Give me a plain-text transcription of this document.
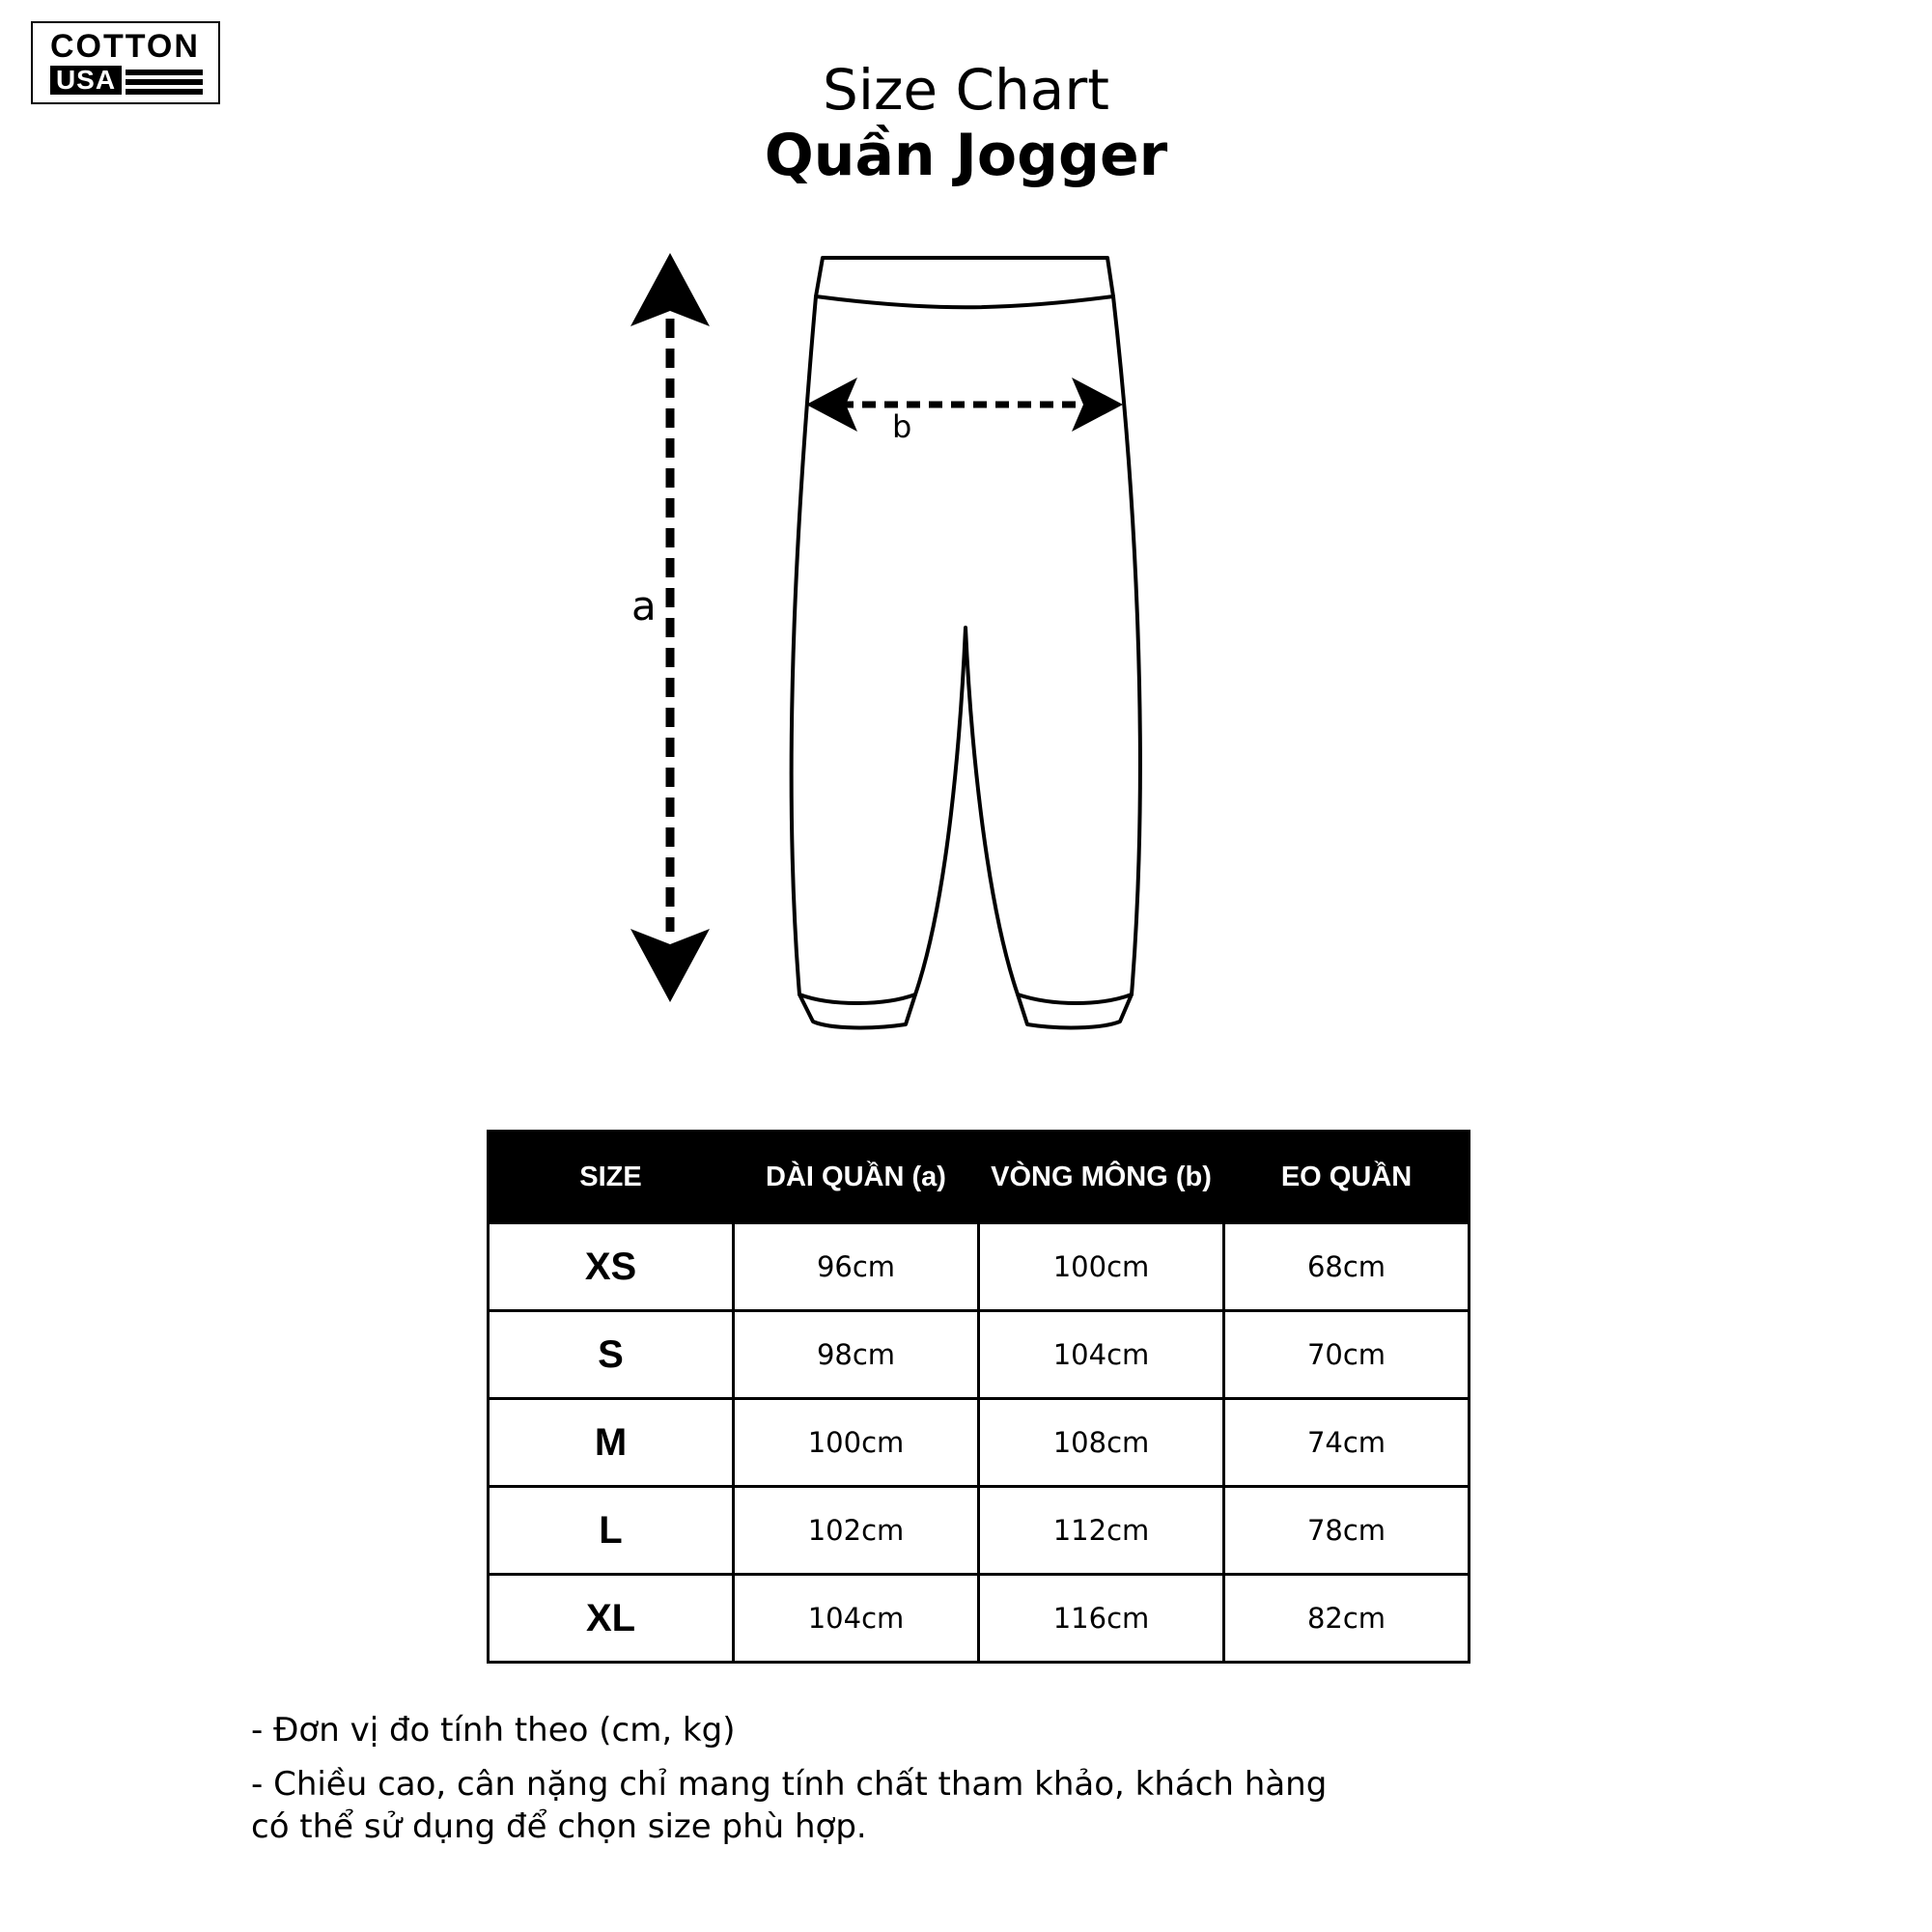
COTTON
USA	Size Chart
Quần Jogger
a
b
SIZE	DÀI QUẦN (a)	VÒNG MÔNG (b)	EO QUẦN
XS	96cm	100cm	68cm
S	98cm	104cm	70cm
M	100cm	108cm	74cm
L	102cm	112cm	78cm
XL	104cm	116cm	82cm

- Đơn vị đo tính theo (cm, kg)

- Chiều cao, cân nặng chỉ mang tính chất tham khảo, khách hàng
có thể sử dụng để chọn size phù hợp.
